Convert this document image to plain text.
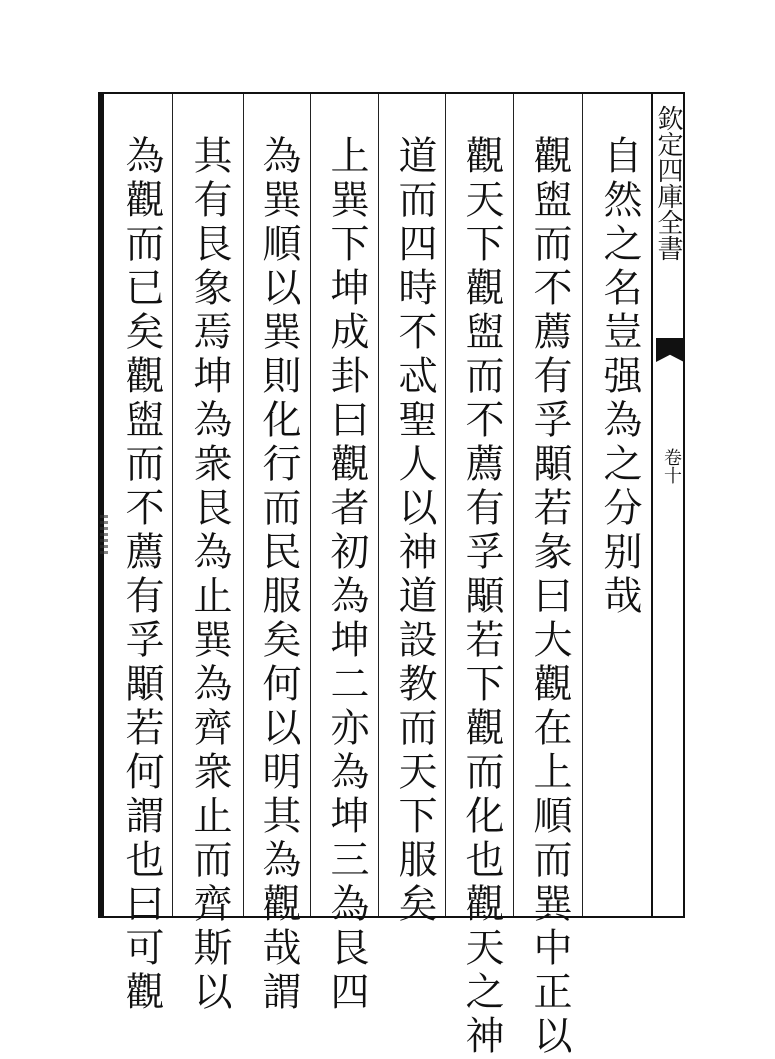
欽定四庫全書
卷十
自然之名豈强為之分别哉
觀盥而不薦有孚顒若彖曰大觀在上順而巽中正以
觀天下觀盥而不薦有孚顒若下觀而化也觀天之神
道而四時不忒聖人以神道設教而天下服矣
上巽下坤成卦曰觀者初為坤二亦為坤三為艮四
為巽順以巽則化行而民服矣何以明其為觀哉謂
其有艮象焉坤為衆艮為止巽為齊衆止而齊斯以
為觀而已矣觀盥而不薦有孚顒若何謂也曰可觀
